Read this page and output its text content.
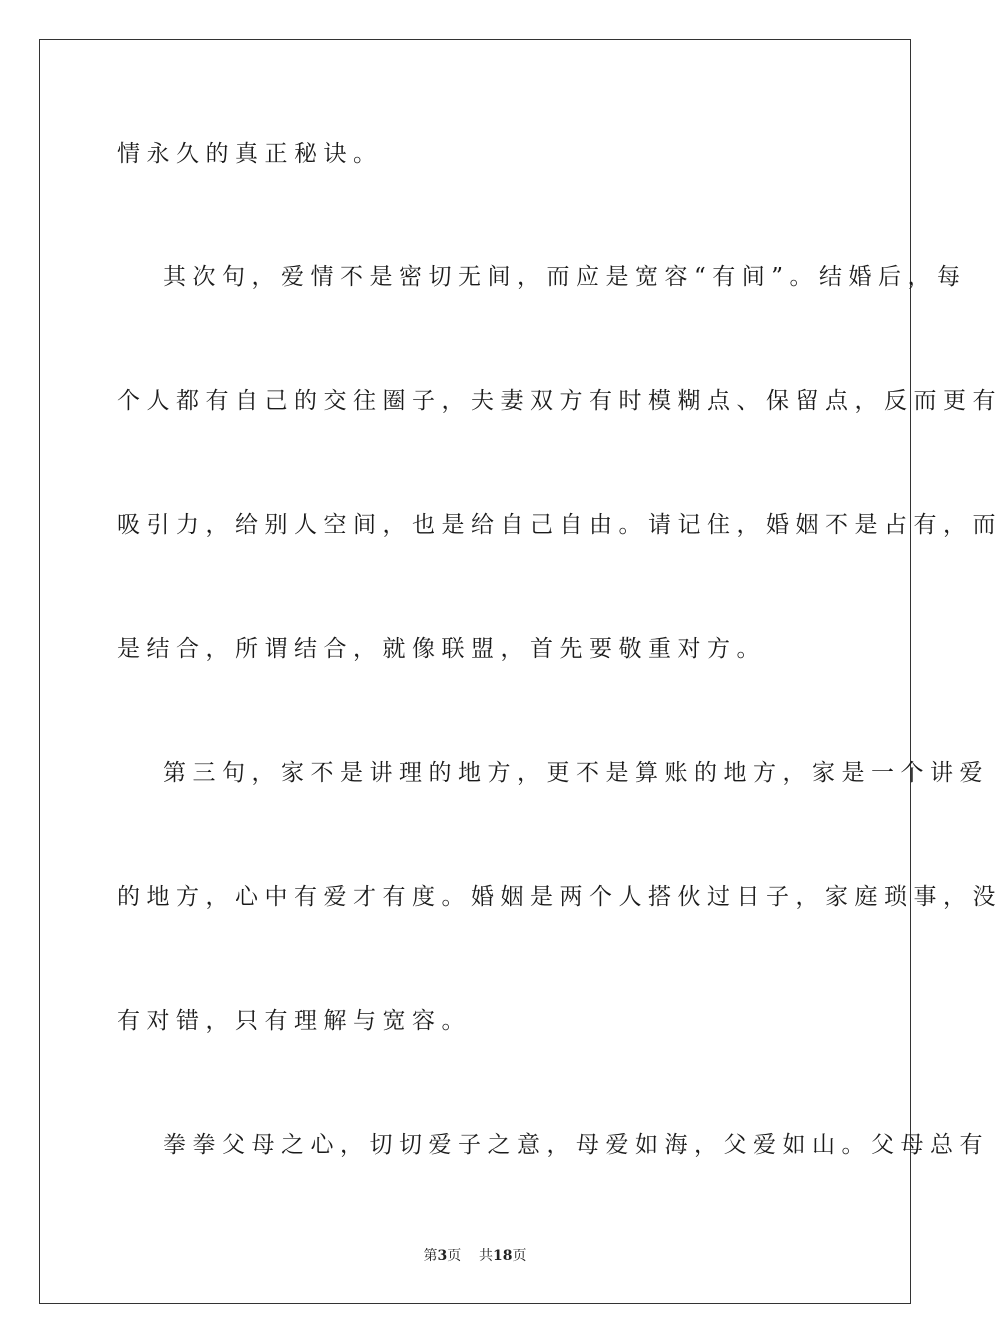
情永久的真正秘诀。
其次句，爱情不是密切无间，而应是宽容“有间”。结婚后，每
个人都有自己的交往圈子，夫妻双方有时模糊点、保留点，反而更有
吸引力，给别人空间，也是给自己自由。请记住，婚姻不是占有，而
是结合，所谓结合，就像联盟，首先要敬重对方。
第三句，家不是讲理的地方，更不是算账的地方，家是一个讲爱
的地方，心中有爱才有度。婚姻是两个人搭伙过日子，家庭琐事，没
有对错，只有理解与宽容。
拳拳父母之心，切切爱子之意，母爱如海，父爱如山。父母总有
第3页 共18页
